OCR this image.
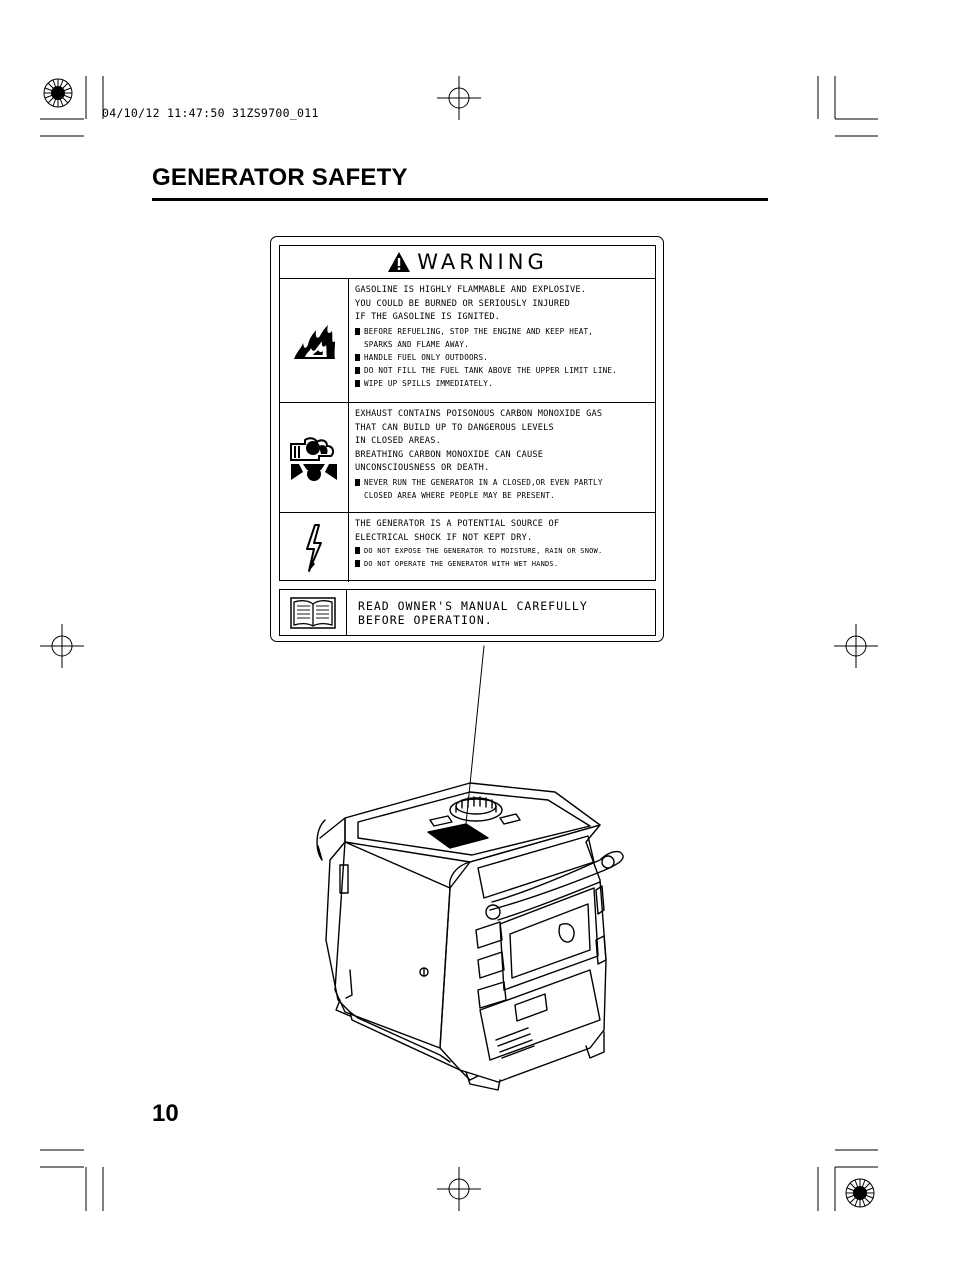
04/10/12 11:47:50 31ZS9700_011
GENERATOR SAFETY
WARNING
GASOLINE IS HIGHLY FLAMMABLE AND EXPLOSIVE.
YOU COULD BE BURNED OR SERIOUSLY INJURED
IF THE GASOLINE IS IGNITED.
BEFORE REFUELING, STOP THE ENGINE AND KEEP HEAT,
SPARKS AND FLAME AWAY.
HANDLE FUEL ONLY OUTDOORS.
DO NOT FILL THE FUEL TANK ABOVE THE UPPER LIMIT LINE.
WIPE UP SPILLS IMMEDIATELY.
EXHAUST CONTAINS POISONOUS CARBON MONOXIDE GAS
THAT CAN BUILD UP TO DANGEROUS LEVELS
IN CLOSED AREAS.
BREATHING CARBON MONOXIDE CAN CAUSE
UNCONSCIOUSNESS OR DEATH.
NEVER RUN THE GENERATOR IN A CLOSED,OR EVEN PARTLY
CLOSED AREA WHERE PEOPLE MAY BE PRESENT.
THE GENERATOR IS A POTENTIAL SOURCE OF
ELECTRICAL SHOCK IF NOT KEPT DRY.
DO NOT EXPOSE THE GENERATOR TO MOISTURE, RAIN OR SNOW.
DO NOT OPERATE THE GENERATOR WITH WET HANDS.
READ OWNER'S MANUAL CAREFULLY
BEFORE OPERATION.
10
